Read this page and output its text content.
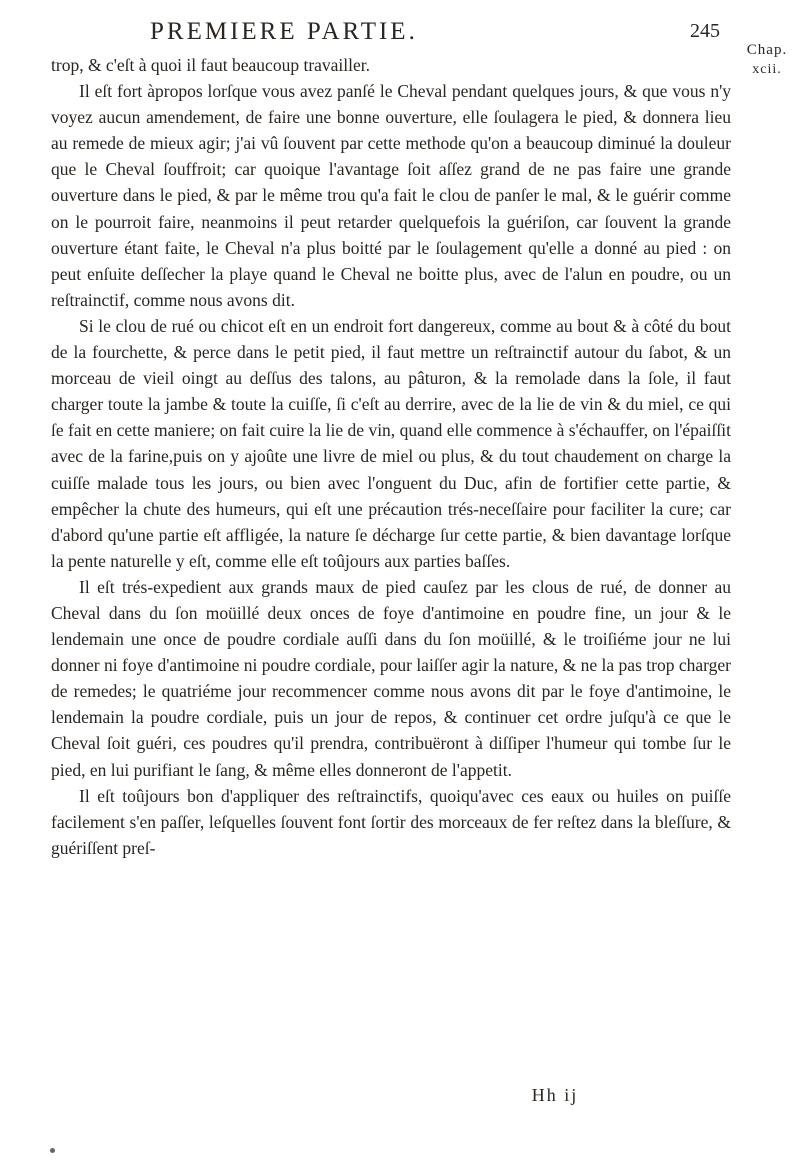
PREMIERE PARTIE.	245
Chap.
xcii.

trop, & c'eſt à quoi il faut beaucoup travailler.

Il eſt fort àpropos lorſque vous avez panſé le Cheval pendant quelques jours, & que vous n'y voyez aucun amendement, de faire une bonne ouverture, elle ſoulagera le pied, & donnera lieu au remede de mieux agir; j'ai vû ſouvent par cette methode qu'on a beaucoup diminué la douleur que le Cheval ſouffroit; car quoique l'avantage ſoit aſſez grand de ne pas faire une grande ouverture dans le pied, & par le même trou qu'a fait le clou de panſer le mal, & le guérir comme on le pourroit faire, neanmoins il peut retarder quelquefois la guériſon, car ſouvent la grande ouverture étant faite, le Cheval n'a plus boitté par le ſoulagement qu'elle a donné au pied : on peut enſuite deſſecher la playe quand le Cheval ne boitte plus, avec de l'alun en poudre, ou un reſtrainctif, comme nous avons dit.

Si le clou de rué ou chicot eſt en un endroit fort dangereux, comme au bout & à côté du bout de la fourchette, & perce dans le petit pied, il faut mettre un reſtrainctif autour du ſabot, & un morceau de vieil oingt au deſſus des talons, au pâturon, & la remolade dans la ſole, il faut charger toute la jambe & toute la cuiſſe, ſi c'eſt au derrire, avec de la lie de vin & du miel, ce qui ſe fait en cette maniere; on fait cuire la lie de vin, quand elle commence à s'échauffer, on l'épaiſſit avec de la farine,puis on y ajoûte une livre de miel ou plus, & du tout chaudement on charge la cuiſſe malade tous les jours, ou bien avec l'onguent du Duc, afin de fortifier cette partie, & empêcher la chute des humeurs, qui eſt une précaution trés-neceſſaire pour faciliter la cure; car d'abord qu'une partie eſt affligée, la nature ſe décharge ſur cette partie, & bien davantage lorſque la pente naturelle y eſt, comme elle eſt toûjours aux parties baſſes.

Il eſt trés-expedient aux grands maux de pied cauſez par les clous de rué, de donner au Cheval dans du ſon moüillé deux onces de foye d'antimoine en poudre fine, un jour & le lendemain une once de poudre cordiale auſſi dans du ſon moüillé, & le troiſiéme jour ne lui donner ni foye d'antimoine ni poudre cordiale, pour laiſſer agir la nature, & ne la pas trop charger de remedes; le quatriéme jour recommencer comme nous avons dit par le foye d'antimoine, le lendemain la poudre cordiale, puis un jour de repos, & continuer cet ordre juſqu'à ce que le Cheval ſoit guéri, ces poudres qu'il prendra, contribuëront à diſſiper l'humeur qui tombe ſur le pied, en lui purifiant le ſang, & même elles donneront de l'appetit.

Il eſt toûjours bon d'appliquer des reſtrainctifs, quoiqu'avec ces eaux ou huiles on puiſſe facilement s'en paſſer, leſquelles ſouvent font ſortir des morceaux de fer reſtez dans la bleſſure, & guériſſent preſ-

Hh ij
